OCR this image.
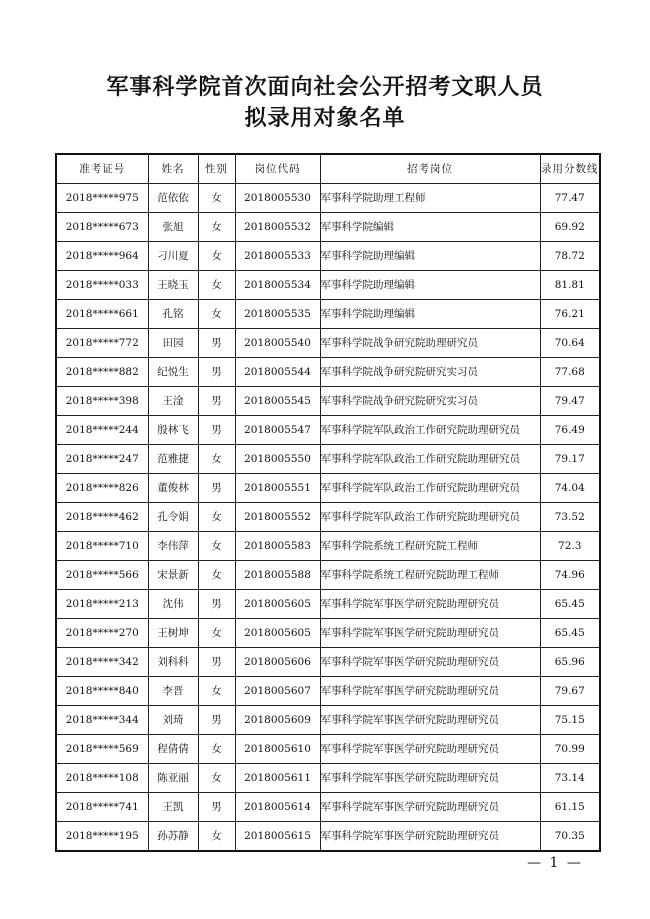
军事科学院首次面向社会公开招考文职人员
拟录用对象名单
准考证号	姓名	性别	岗位代码	招考岗位	录用分数线
2018*****975	范依依	女	2018005530	军事科学院助理工程师	77.47
2018*****673	张旭	女	2018005532	军事科学院编辑	69.92
2018*****964	刁川夏	女	2018005533	军事科学院助理编辑	78.72
2018*****033	王晓玉	女	2018005534	军事科学院助理编辑	81.81
2018*****661	孔铭	女	2018005535	军事科学院助理编辑	76.21
2018*****772	田园	男	2018005540	军事科学院战争研究院助理研究员	70.64
2018*****882	纪悦生	男	2018005544	军事科学院战争研究院研究实习员	77.68
2018*****398	王淦	男	2018005545	军事科学院战争研究院研究实习员	79.47
2018*****244	殷林飞	男	2018005547	军事科学院军队政治工作研究院助理研究员	76.49
2018*****247	范雅捷	女	2018005550	军事科学院军队政治工作研究院助理研究员	79.17
2018*****826	董俊林	男	2018005551	军事科学院军队政治工作研究院助理研究员	74.04
2018*****462	孔令娟	女	2018005552	军事科学院军队政治工作研究院助理研究员	73.52
2018*****710	李伟萍	女	2018005583	军事科学院系统工程研究院工程师	72.3
2018*****566	宋景新	女	2018005588	军事科学院系统工程研究院助理工程师	74.96
2018*****213	沈伟	男	2018005605	军事科学院军事医学研究院助理研究员	65.45
2018*****270	王树坤	女	2018005605	军事科学院军事医学研究院助理研究员	65.45
2018*****342	刘科科	男	2018005606	军事科学院军事医学研究院助理研究员	65.96
2018*****840	李晋	女	2018005607	军事科学院军事医学研究院助理研究员	79.67
2018*****344	刘琦	男	2018005609	军事科学院军事医学研究院助理研究员	75.15
2018*****569	程倩倩	女	2018005610	军事科学院军事医学研究院助理研究员	70.99
2018*****108	陈亚丽	女	2018005611	军事科学院军事医学研究院助理研究员	73.14
2018*****741	王凯	男	2018005614	军事科学院军事医学研究院助理研究员	61.15
2018*****195	孙苏静	女	2018005615	军事科学院军事医学研究院助理研究员	70.35
— 1 —
